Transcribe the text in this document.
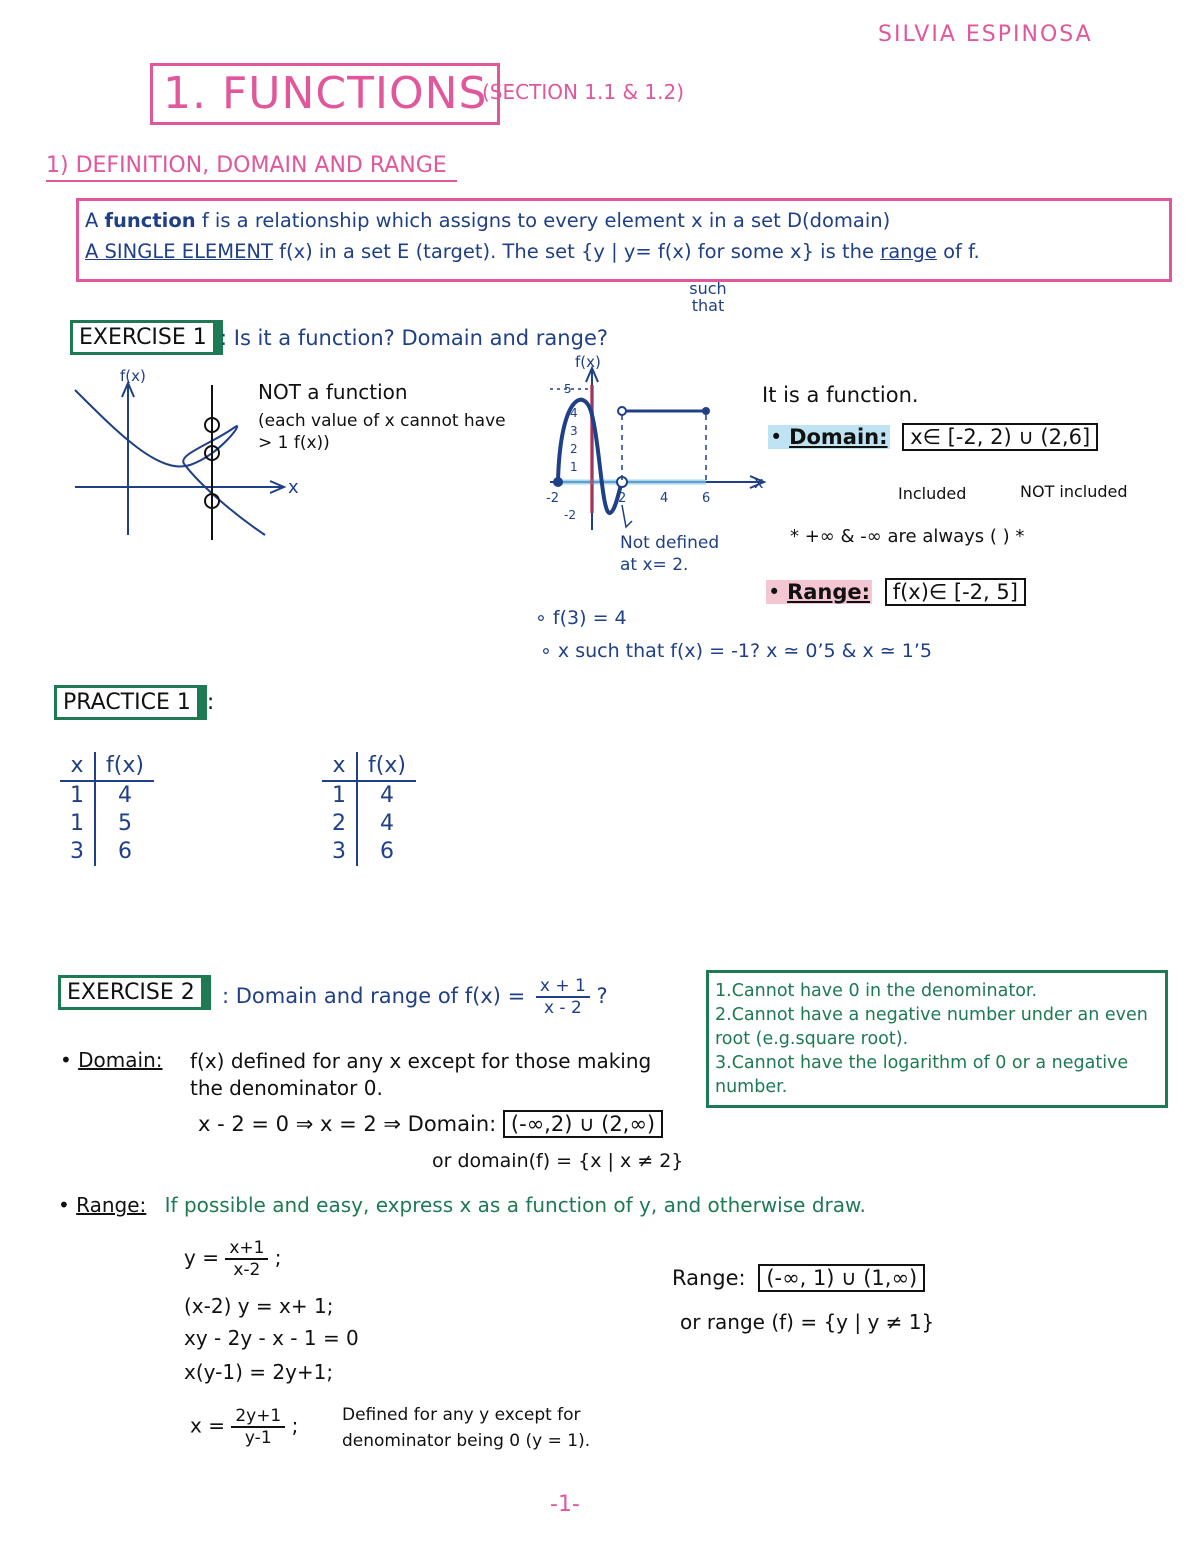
SILVIA ESPINOSA
1. FUNCTIONS
(SECTION 1.1 & 1.2)
1) DEFINITION, DOMAIN AND RANGE
A function f is a relationship which assigns to every element x in a set D(domain)
A SINGLE ELEMENT f(x) in a set E (target). The set {y | y= f(x) for some x} is the range of f.
such that
EXERCISE 1 : Is it a function? Domain and range?
f(x)
x
NOT a function
(each value of x cannot have > 1 f(x))
f(x)
x
-2	2	4	6
5
4
3
2
1
-2
Not defined at x= 2.
It is a function.
• Domain: x∈ [-2, 2) ∪ (2,6]
Included	NOT included
* +∞ & -∞ are always ( ) *
• Range: f(x)∈ [-2, 5]
∘ f(3) = 4
∘ x such that f(x) = -1? x ≃ 0’5 & x ≃ 1’5
PRACTICE 1 :
x	f(x)
1	4
1	5
3	6
x	f(x)
1	4
2	4
3	6
EXERCISE 2	: Domain and range of $f(x) = \frac{x + 1}{x - 2}$ ?	1.Cannot have 0 in the denominator.
2.Cannot have a negative number under an even root (e.g.square root).
3.Cannot have the logarithm of 0 or a negative number.
• Domain: f(x) defined for any x except for those making the denominator 0.
x - 2 = 0 ⇒ x = 2 ⇒ Domain: (-∞,2) ∪ (2,∞)
or domain(f) = {x | x ≠ 2}
• Range: If possible and easy, express x as a function of y, and otherwise draw.
$y = \frac{x+1}{x-2}$ ;
(x-2) y = x+ 1;
xy - 2y - x - 1 = 0
x(y-1) = 2y+1;
$x = \frac{2y+1}{y-1}$ ;	Defined for any y except for denominator being 0 (y = 1).
Range: (-∞, 1) ∪ (1,∞)
or range (f) = {y | y ≠ 1}
-1-
